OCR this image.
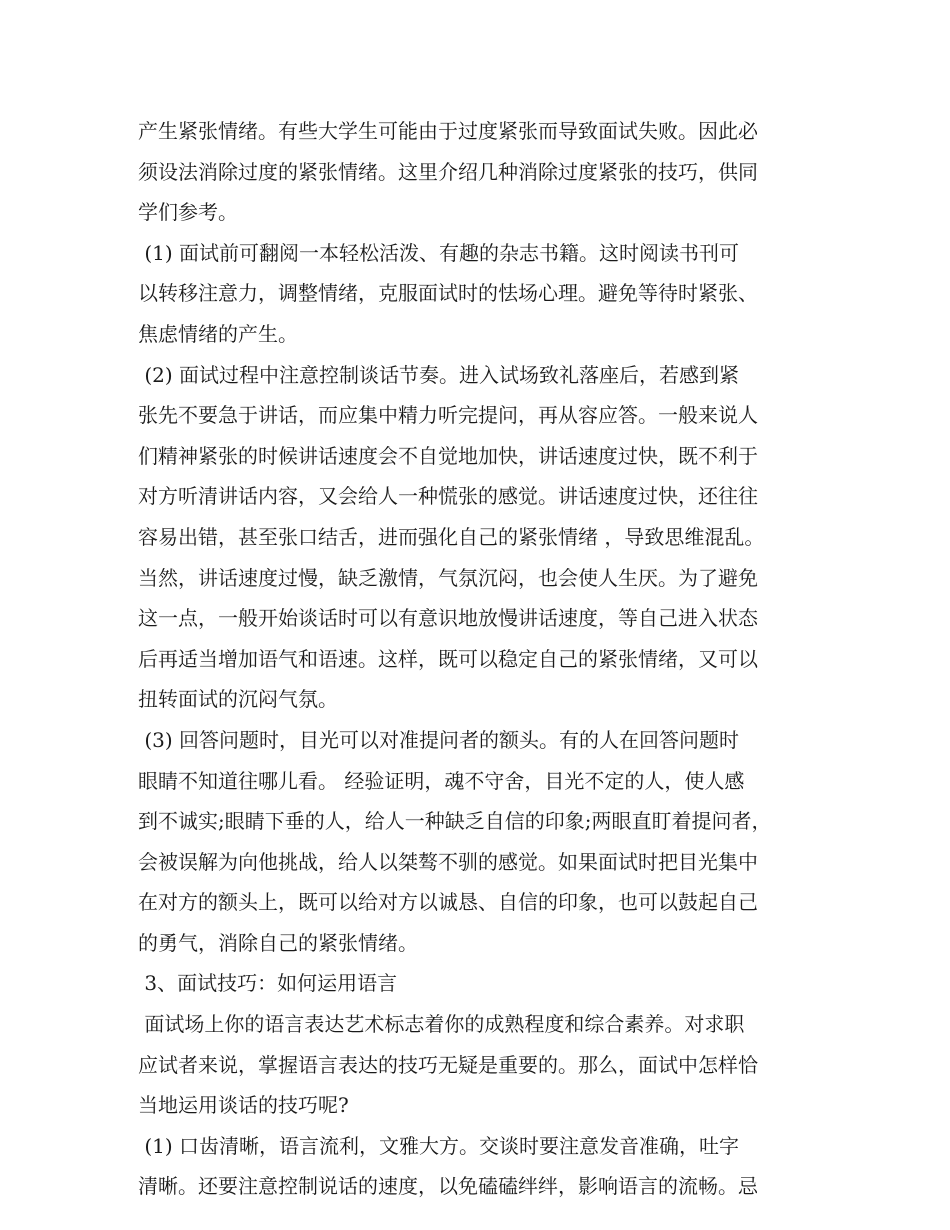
产生紧张情绪。有些大学生可能由于过度紧张而导致面试失败。因此必
须设法消除过度的紧张情绪。这里介绍几种消除过度紧张的技巧，供同
学们参考。
(1) 面试前可翻阅一本轻松活泼、有趣的杂志书籍。这时阅读书刊可
以转移注意力，调整情绪，克服面试时的怯场心理。避免等待时紧张、
焦虑情绪的产生。
(2) 面试过程中注意控制谈话节奏。进入试场致礼落座后，若感到紧
张先不要急于讲话，而应集中精力听完提问，再从容应答。一般来说人
们精神紧张的时候讲话速度会不自觉地加快，讲话速度过快，既不利于
对方听清讲话内容，又会给人一种慌张的感觉。讲话速度过快，还往往
容易出错，甚至张口结舌，进而强化自己的紧张情绪 ，导致思维混乱。
当然，讲话速度过慢，缺乏激情，气氛沉闷，也会使人生厌。为了避免
这一点，一般开始谈话时可以有意识地放慢讲话速度，等自己进入状态
后再适当增加语气和语速。这样，既可以稳定自己的紧张情绪，又可以
扭转面试的沉闷气氛。
(3) 回答问题时，目光可以对准提问者的额头。有的人在回答问题时
眼睛不知道往哪儿看。 经验证明，魂不守舍，目光不定的人，使人感
到不诚实;眼睛下垂的人，给人一种缺乏自信的印象;两眼直盯着提问者，
会被误解为向他挑战，给人以桀骜不驯的感觉。如果面试时把目光集中
在对方的额头上，既可以给对方以诚恳、自信的印象，也可以鼓起自己
的勇气，消除自己的紧张情绪。
3、面试技巧：如何运用语言
面试场上你的语言表达艺术标志着你的成熟程度和综合素养。对求职
应试者来说，掌握语言表达的技巧无疑是重要的。那么，面试中怎样恰
当地运用谈话的技巧呢?
(1) 口齿清晰，语言流利，文雅大方。交谈时要注意发音准确，吐字
清晰。还要注意控制说话的速度，以免磕磕绊绊，影响语言的流畅。忌
